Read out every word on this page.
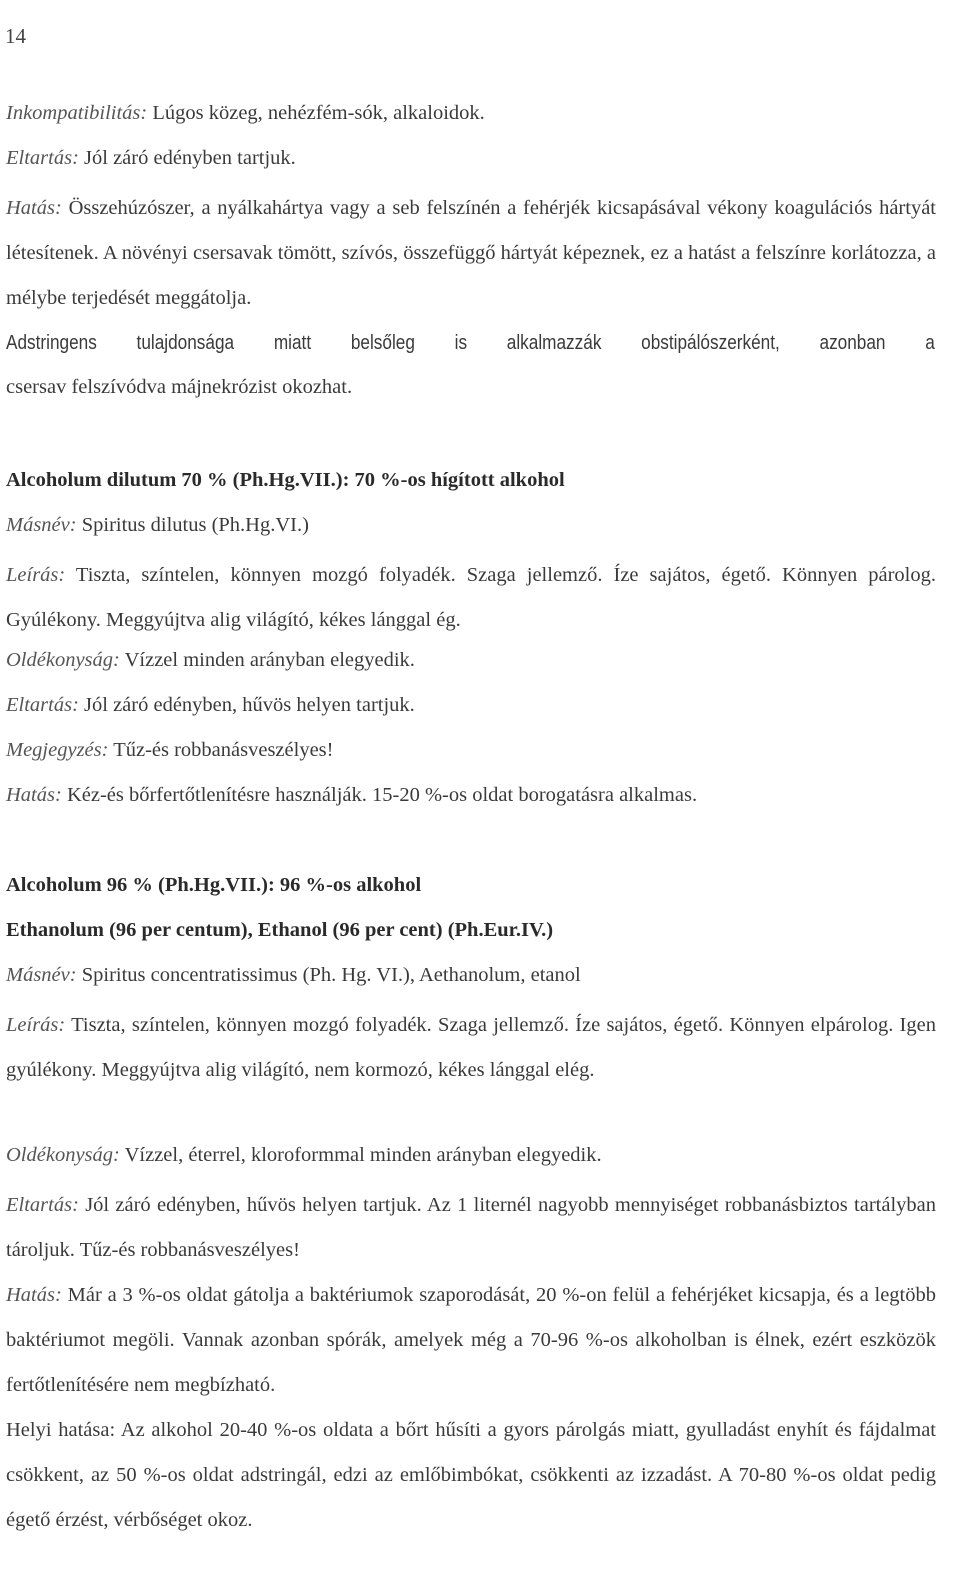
14
Inkompatibilitás: Lúgos közeg, nehézfém-sók, alkaloidok.
Eltartás: Jól záró edényben tartjuk.
Hatás: Összehúzószer, a nyálkahártya vagy a seb felszínén a fehérjék kicsapásával vékony koagulációs hártyát létesítenek. A növényi csersavak tömött, szívós, összefüggő hártyát képeznek, ez a hatást a felszínre korlátozza, a mélybe terjedését meggátolja.
Adstringens tulajdonsága miatt belsőleg is alkalmazzák obstipálószerként, azonban a
csersav felszívódva májnekrózist okozhat.
Alcoholum dilutum 70 % (Ph.Hg.VII.): 70 %-os hígított alkohol
Másnév: Spiritus dilutus (Ph.Hg.VI.)
Leírás: Tiszta, színtelen, könnyen mozgó folyadék. Szaga jellemző. Íze sajátos, égető. Könnyen párolog. Gyúlékony. Meggyújtva alig világító, kékes lánggal ég.
Oldékonyság: Vízzel minden arányban elegyedik.
Eltartás: Jól záró edényben, hűvös helyen tartjuk.
Megjegyzés: Tűz-és robbanásveszélyes!
Hatás: Kéz-és bőrfertőtlenítésre használják. 15-20 %-os oldat borogatásra alkalmas.
Alcoholum 96 % (Ph.Hg.VII.): 96 %-os alkohol
Ethanolum (96 per centum), Ethanol (96 per cent) (Ph.Eur.IV.)
Másnév: Spiritus concentratissimus (Ph. Hg. VI.), Aethanolum, etanol
Leírás: Tiszta, színtelen, könnyen mozgó folyadék. Szaga jellemző. Íze sajátos, égető. Könnyen elpárolog. Igen gyúlékony. Meggyújtva alig világító, nem kormozó, kékes lánggal elég.
Oldékonyság: Vízzel, éterrel, kloroformmal minden arányban elegyedik.
Eltartás: Jól záró edényben, hűvös helyen tartjuk. Az 1 liternél nagyobb mennyiséget robbanásbiztos tartályban tároljuk. Tűz-és robbanásveszélyes!
Hatás: Már a 3 %-os oldat gátolja a baktériumok szaporodását, 20 %-on felül a fehérjéket kicsapja, és a legtöbb baktériumot megöli. Vannak azonban spórák, amelyek még a 70-96 %-os alkoholban is élnek, ezért eszközök fertőtlenítésére nem megbízható.
Helyi hatása: Az alkohol 20-40 %-os oldata a bőrt hűsíti a gyors párolgás miatt, gyulladást enyhít és fájdalmat csökkent, az 50 %-os oldat adstringál, edzi az emlőbimbókat, csökkenti az izzadást. A 70-80 %-os oldat pedig égető érzést, vérbőséget okoz.
